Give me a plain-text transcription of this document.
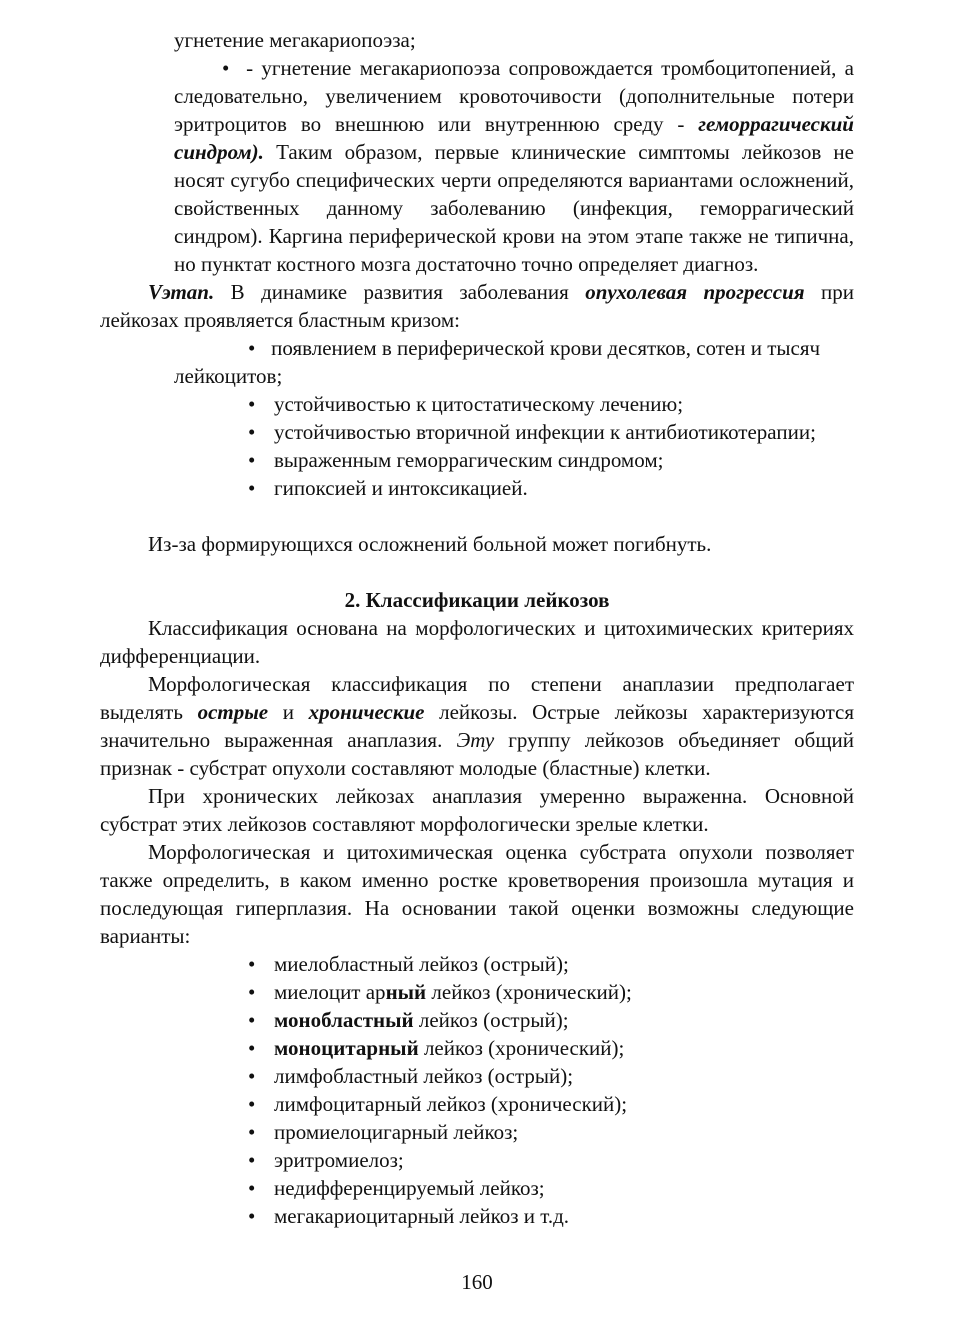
угнетение мегакариопоэза;

• - угнетение мегакариопоэза сопровождается тромбоцитопенией, а следовательно, увеличением кровоточивости (дополнительные потери эритроцитов во внешнюю или внутреннюю среду - геморрагический синдром). Таким образом, первые клинические симптомы лейкозов не носят сугубо специфических черти определяются вариантами осложнений, свойственных данному заболеванию (инфекция, геморрагический синдром). Каргина периферической крови на этом этапе также не типична, но пунктат костного мозга достаточно точно определяет диагноз.

Vэтап. В динамике развития заболевания опухолевая прогрессия при лейкозах проявляется бластным кризом:

•   появлением в периферической крови десятков, сотен и тысяч лейкоцитов;
• устойчивостью к цитостатическому лечению;
• устойчивостью вторичной инфекции к антибиотикотерапии;
• выраженным геморрагическим синдромом;
• гипоксией и интоксикацией.

Из-за формирующихся осложнений больной может погибнуть.

2. Классификации лейкозов

Классификация основана на морфологических и цитохимических критериях дифференциации.

Морфологическая классификация по степени анаплазии предполагает выделять острые и хронические лейкозы. Острые лейкозы характеризуются значительно выраженная анаплазия. Эту группу лейкозов объединяет общий признак - субстрат опухоли составляют молодые (бластные) клетки.

При хронических лейкозах анаплазия умеренно выраженна. Основной субстрат этих лейкозов составляют морфологически зрелые клетки.

Морфологическая и цитохимическая оценка субстрата опухоли позволяет также определить, в каком именно ростке кроветворения произошла мутация и последующая гиперплазия. На основании такой оценки возможны следующие варианты:

• миелобластный лейкоз (острый);
• миелоцит арный лейкоз (хронический);
• монобластный лейкоз (острый);
• моноцитарный лейкоз (хронический);
• лимфобластный лейкоз (острый);
• лимфоцитарный лейкоз (хронический);
• промиелоцигарный лейкоз;
• эритромиелоз;
• недифференцируемый лейкоз;
• мегакариоцитарный лейкоз и т.д.
160
